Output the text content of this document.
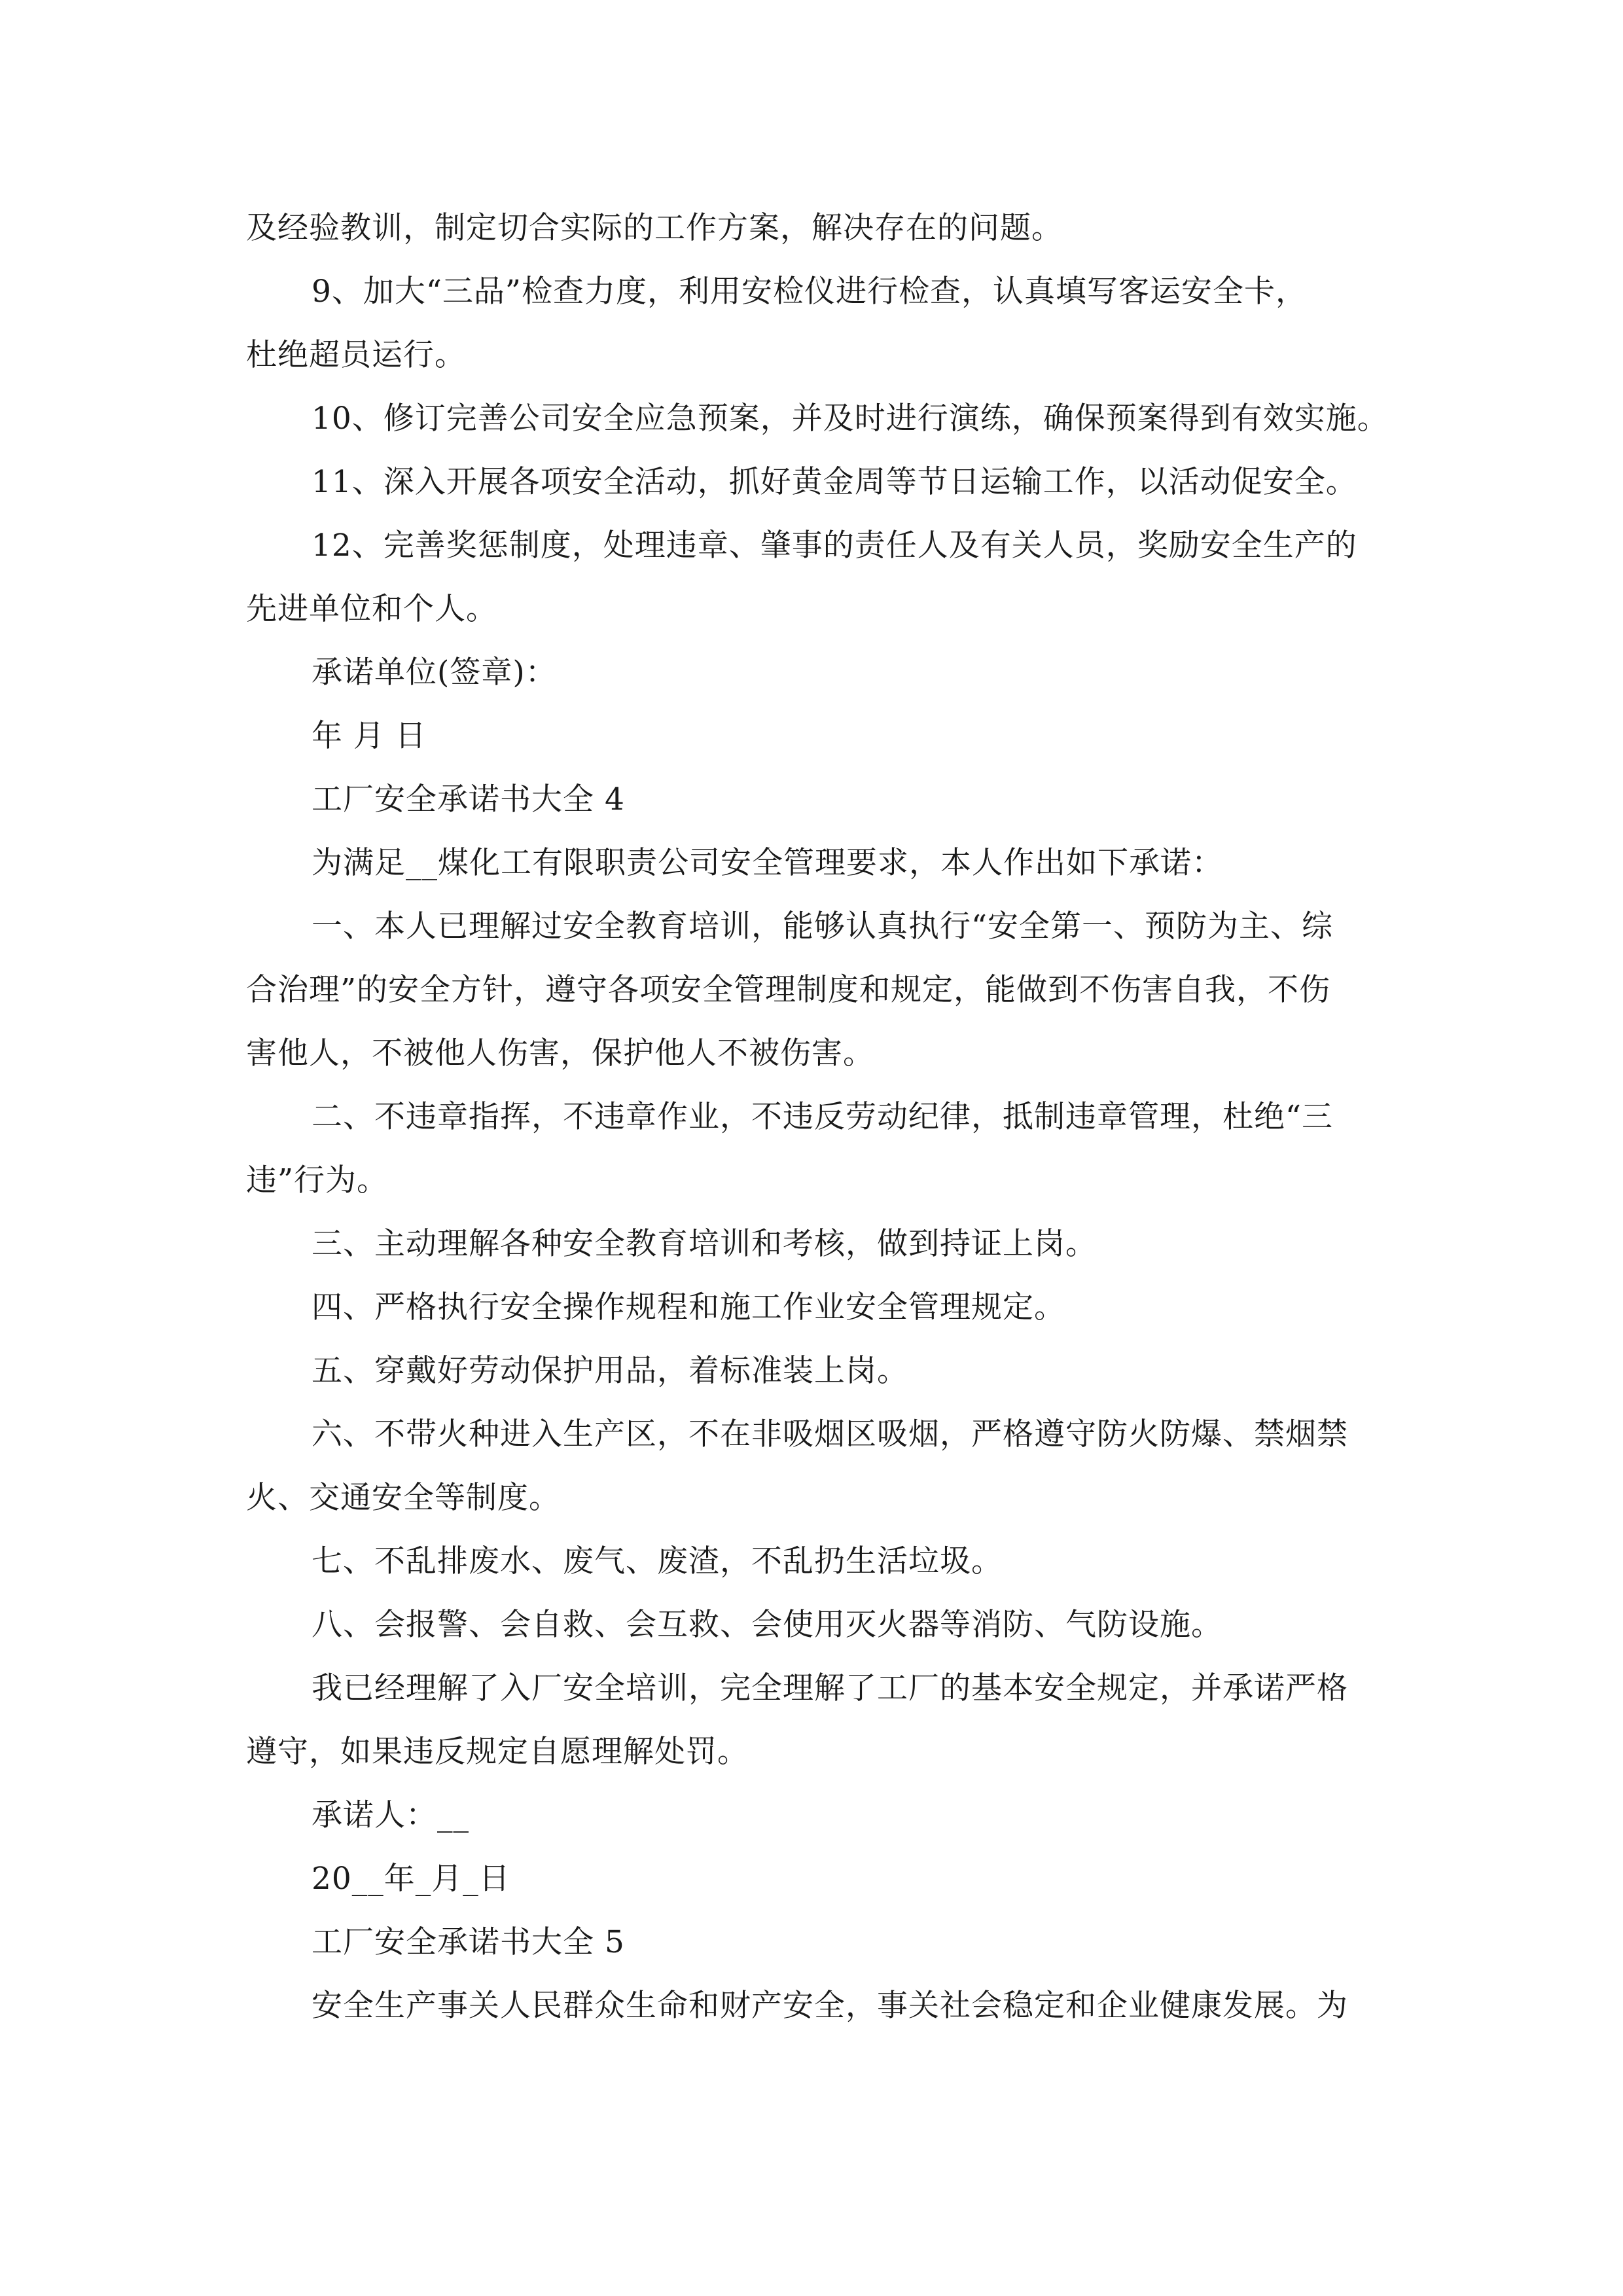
及经验教训，制定切合实际的工作方案，解决存在的问题。

9、加大“三品”检查力度，利用安检仪进行检查，认真填写客运安全卡，

杜绝超员运行。

10、修订完善公司安全应急预案，并及时进行演练，确保预案得到有效实施。

11、深入开展各项安全活动，抓好黄金周等节日运输工作，以活动促安全。

12、完善奖惩制度，处理违章、肇事的责任人及有关人员，奖励安全生产的

先进单位和个人。

承诺单位(签章)：

年 月 日

工厂安全承诺书大全 4

为满足__煤化工有限职责公司安全管理要求，本人作出如下承诺：

一、本人已理解过安全教育培训，能够认真执行“安全第一、预防为主、综

合治理”的安全方针，遵守各项安全管理制度和规定，能做到不伤害自我，不伤

害他人，不被他人伤害，保护他人不被伤害。

二、不违章指挥，不违章作业，不违反劳动纪律，抵制违章管理，杜绝“三

违”行为。

三、主动理解各种安全教育培训和考核，做到持证上岗。

四、严格执行安全操作规程和施工作业安全管理规定。

五、穿戴好劳动保护用品，着标准装上岗。

六、不带火种进入生产区，不在非吸烟区吸烟，严格遵守防火防爆、禁烟禁

火、交通安全等制度。

七、不乱排废水、废气、废渣，不乱扔生活垃圾。

八、会报警、会自救、会互救、会使用灭火器等消防、气防设施。

我已经理解了入厂安全培训，完全理解了工厂的基本安全规定，并承诺严格

遵守，如果违反规定自愿理解处罚。

承诺人：__

20__年_月_日

工厂安全承诺书大全 5

安全生产事关人民群众生命和财产安全，事关社会稳定和企业健康发展。为
